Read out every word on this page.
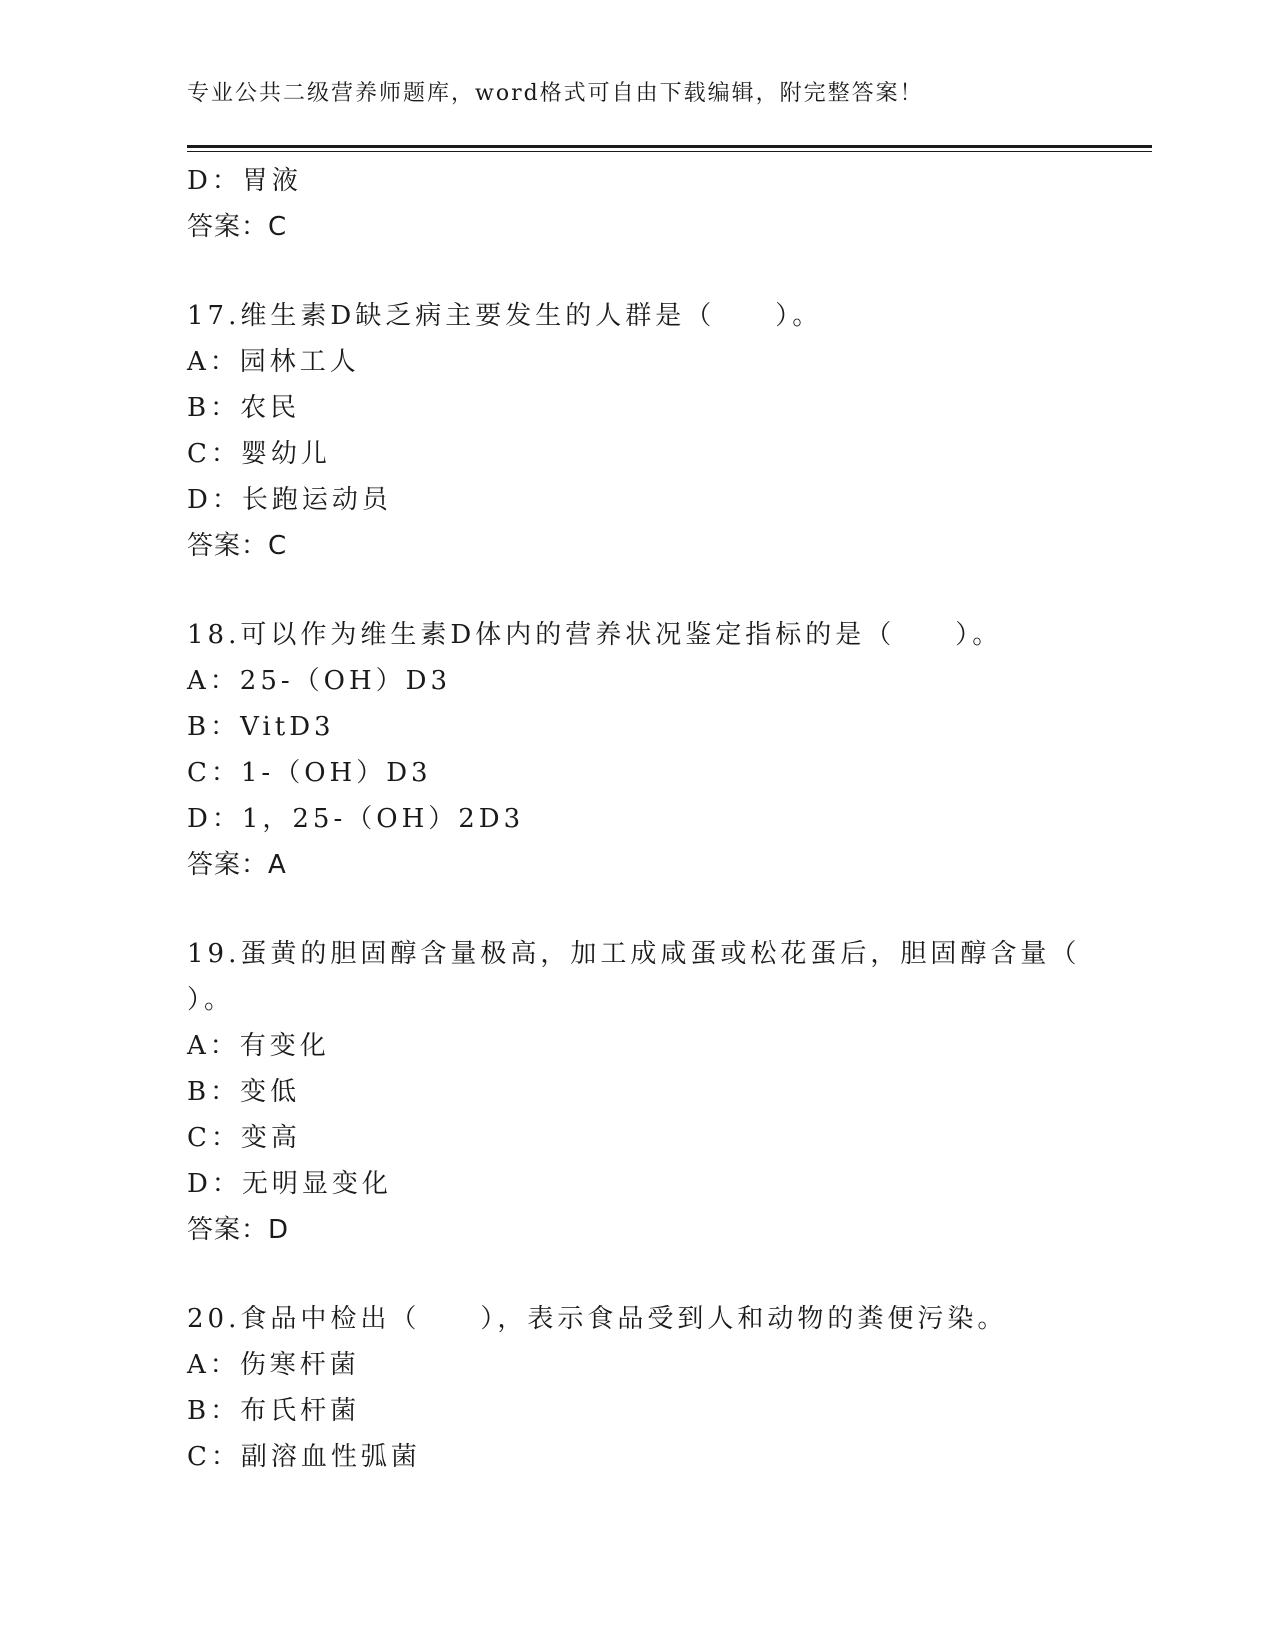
专业公共二级营养师题库，word格式可自由下载编辑，附完整答案！
D：胃液
答案：C
17.维生素D缺乏病主要发生的人群是（　　）。
A：园林工人
B：农民
C：婴幼儿
D：长跑运动员
答案：C
18.可以作为维生素D体内的营养状况鉴定指标的是（　　）。
A：25-（OH）D3
B：VitD3
C：1-（OH）D3
D：1，25-（OH）2D3
答案：A
19.蛋黄的胆固醇含量极高，加工成咸蛋或松花蛋后，胆固醇含量（
）。
A：有变化
B：变低
C：变高
D：无明显变化
答案：D
20.食品中检出（　　），表示食品受到人和动物的粪便污染。
A：伤寒杆菌
B：布氏杆菌
C：副溶血性弧菌
